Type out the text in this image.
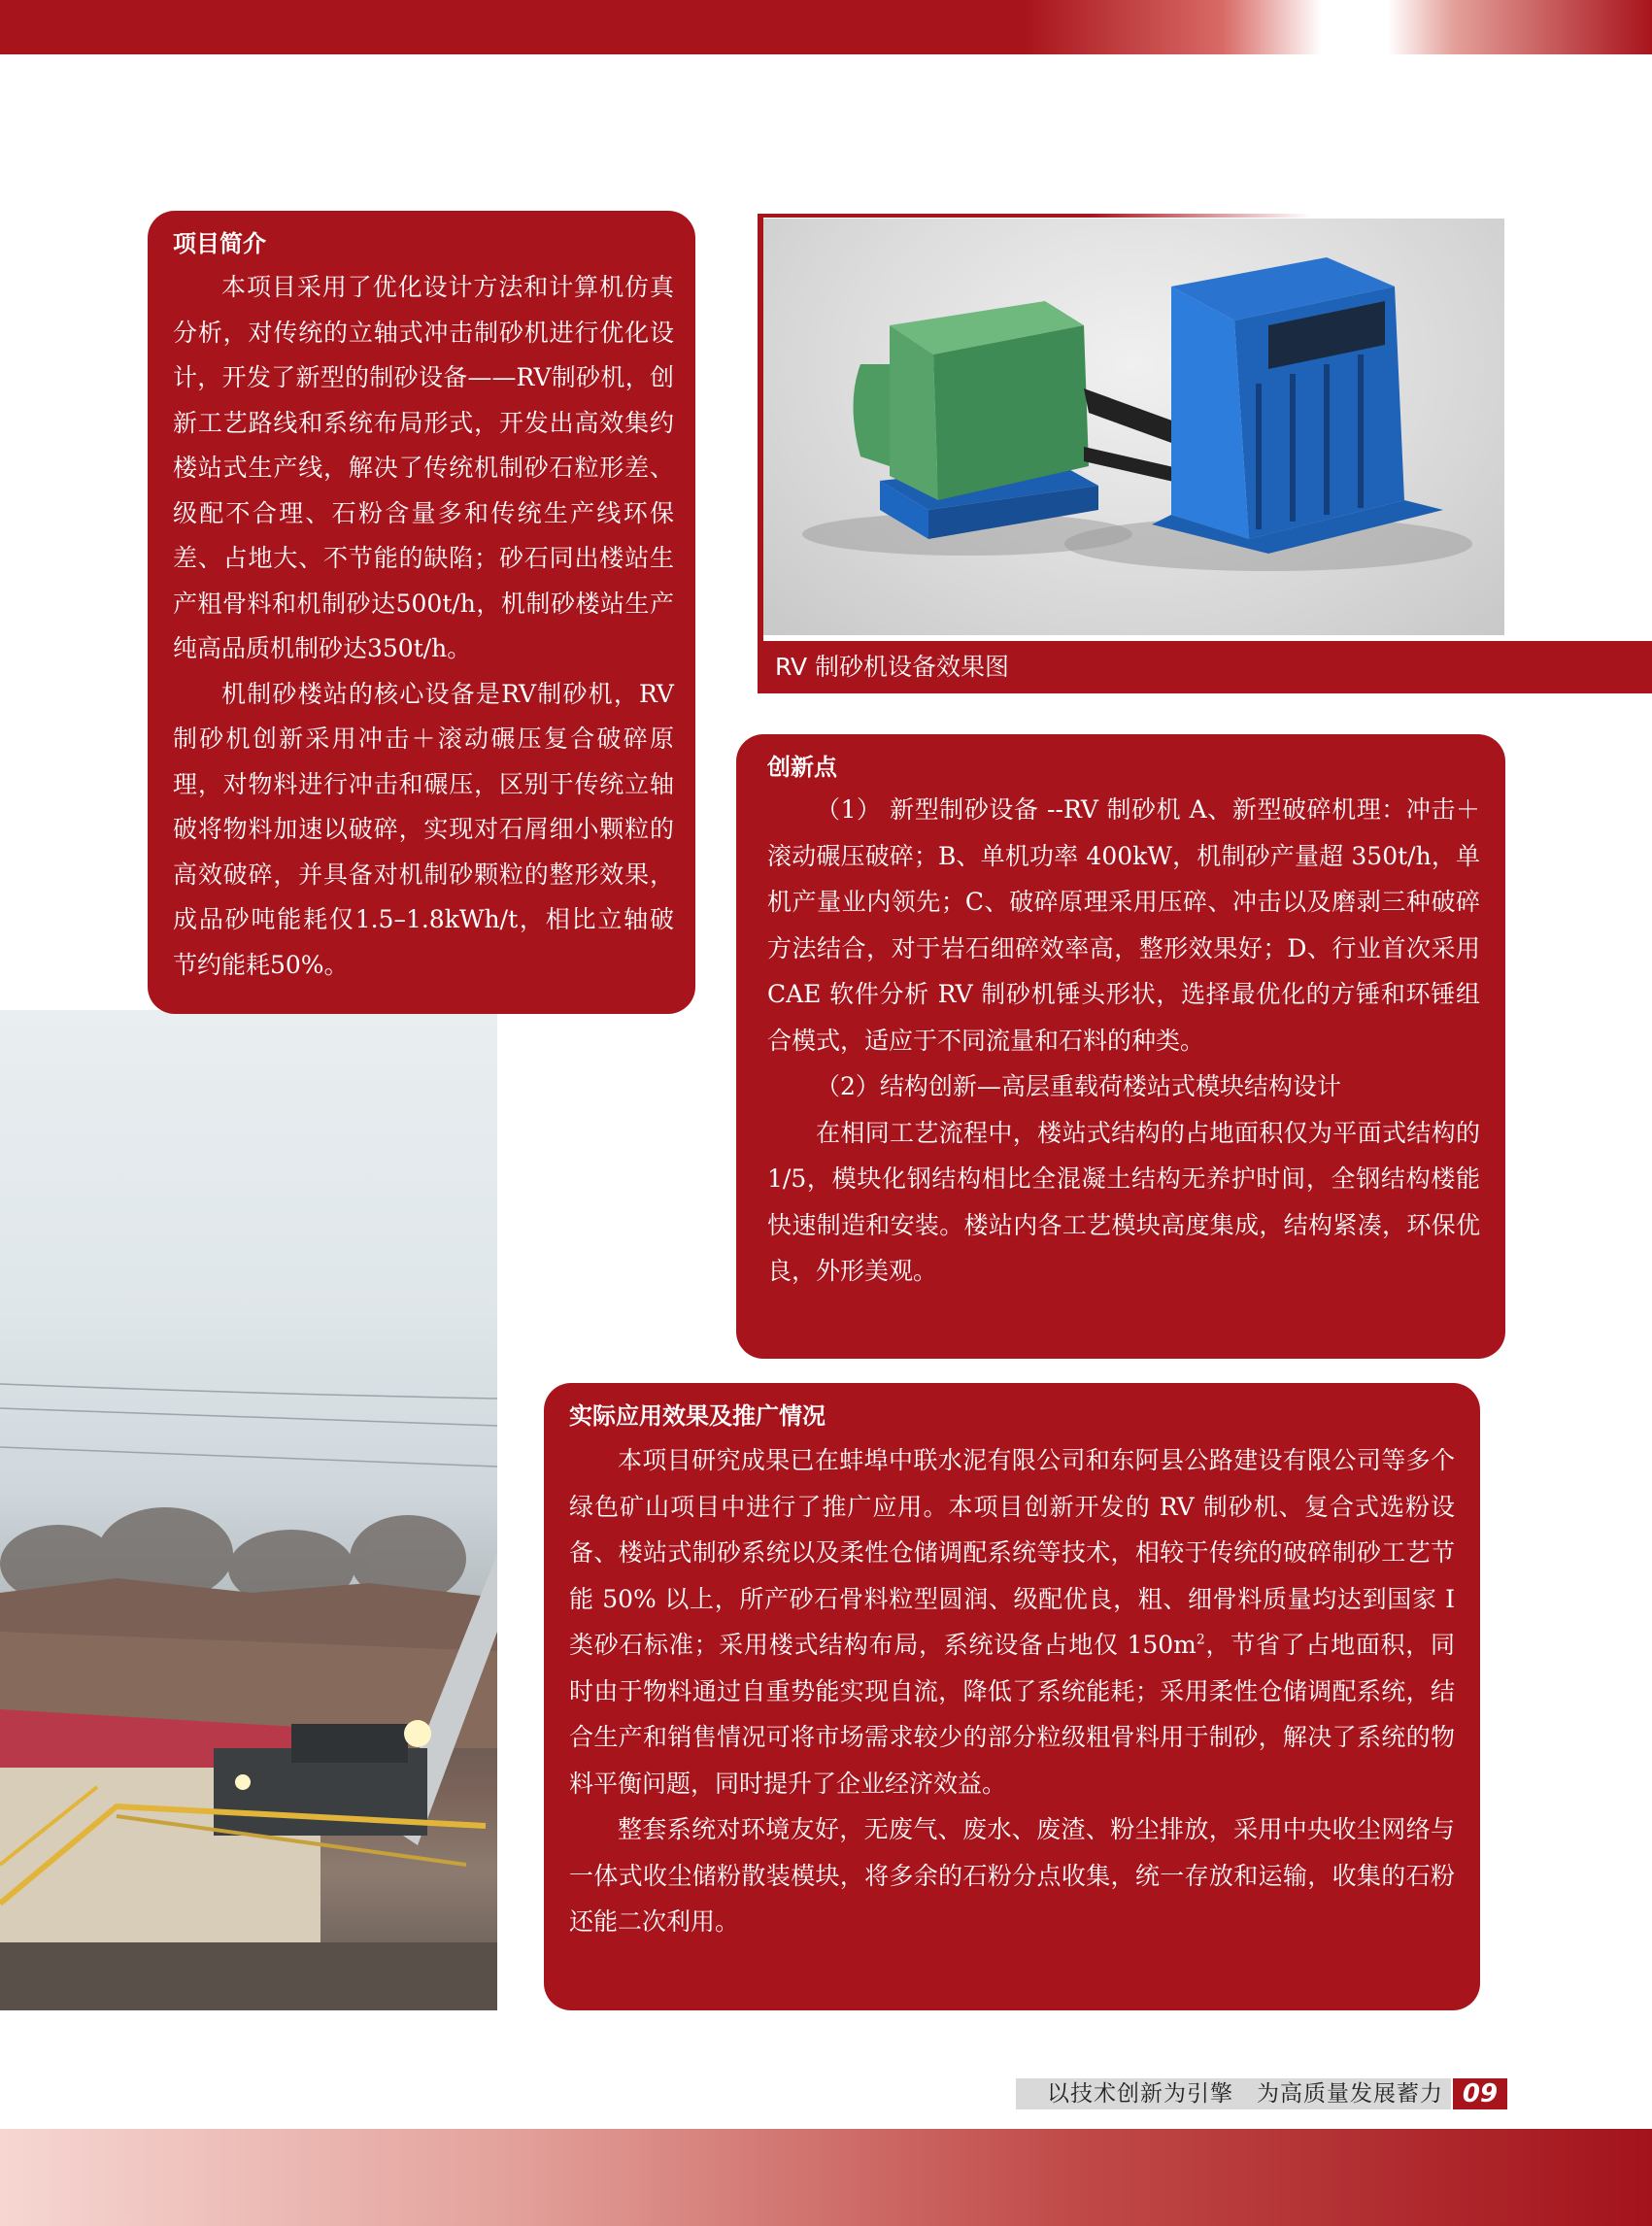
项目简介

本项目采用了优化设计方法和计算机仿真分析，对传统的立轴式冲击制砂机进行优化设计，开发了新型的制砂设备——RV制砂机，创新工艺路线和系统布局形式，开发出高效集约楼站式生产线，解决了传统机制砂石粒形差、级配不合理、石粉含量多和传统生产线环保差、占地大、不节能的缺陷；砂石同出楼站生产粗骨料和机制砂达500t/h，机制砂楼站生产纯高品质机制砂达350t/h。

机制砂楼站的核心设备是RV制砂机，RV制砂机创新采用冲击＋滚动碾压复合破碎原理，对物料进行冲击和碾压，区别于传统立轴破将物料加速以破碎，实现对石屑细小颗粒的高效破碎，并具备对机制砂颗粒的整形效果，成品砂吨能耗仅1.5–1.8kWh/t，相比立轴破节约能耗50%。

RV 制砂机设备效果图
创新点

（1） 新型制砂设备 --RV 制砂机 A、新型破碎机理：冲击＋滚动碾压破碎；B、单机功率 400kW，机制砂产量超 350t/h，单机产量业内领先；C、破碎原理采用压碎、冲击以及磨剥三种破碎方法结合，对于岩石细碎效率高，整形效果好；D、行业首次采用 CAE 软件分析 RV 制砂机锤头形状，选择最优化的方锤和环锤组合模式，适应于不同流量和石料的种类。

（2）结构创新—高层重载荷楼站式模块结构设计

在相同工艺流程中，楼站式结构的占地面积仅为平面式结构的 1/5，模块化钢结构相比全混凝土结构无养护时间，全钢结构楼能快速制造和安装。楼站内各工艺模块高度集成，结构紧凑，环保优良，外形美观。

实际应用效果及推广情况

本项目研究成果已在蚌埠中联水泥有限公司和东阿县公路建设有限公司等多个绿色矿山项目中进行了推广应用。本项目创新开发的 RV 制砂机、复合式选粉设备、楼站式制砂系统以及柔性仓储调配系统等技术，相较于传统的破碎制砂工艺节能 50% 以上，所产砂石骨料粒型圆润、级配优良，粗、细骨料质量均达到国家 Ⅰ 类砂石标准；采用楼式结构布局，系统设备占地仅 $150m^2$，节省了占地面积，同时由于物料通过自重势能实现自流，降低了系统能耗；采用柔性仓储调配系统，结合生产和销售情况可将市场需求较少的部分粒级粗骨料用于制砂，解决了系统的物料平衡问题，同时提升了企业经济效益。

整套系统对环境友好，无废气、废水、废渣、粉尘排放，采用中央收尘网络与一体式收尘储粉散装模块，将多余的石粉分点收集，统一存放和运输，收集的石粉还能二次利用。

以技术创新为引擎　为高质量发展蓄力 09
